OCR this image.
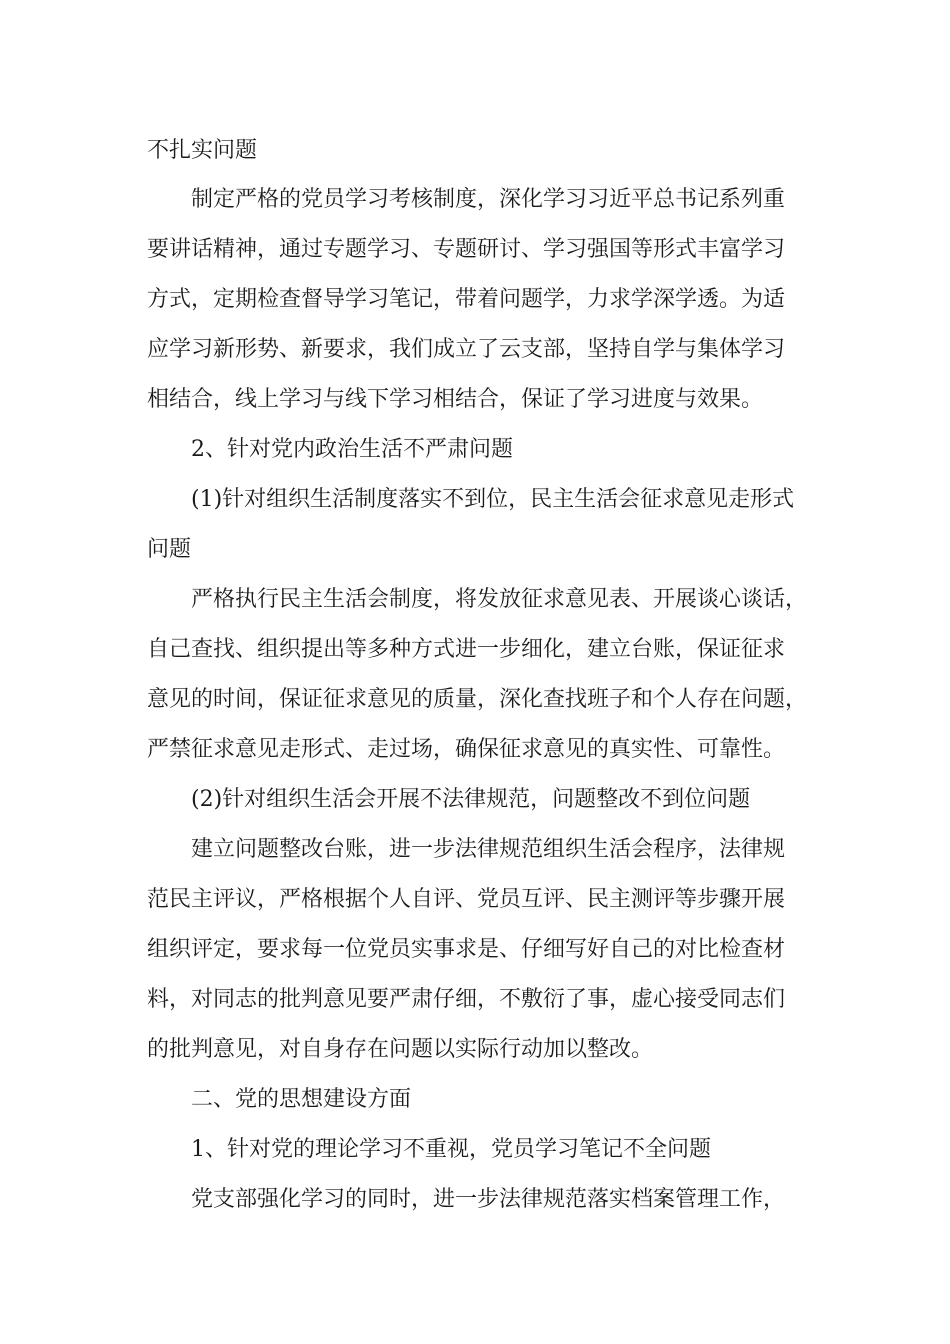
不扎实问题
制定严格的党员学习考核制度，深化学习习近平总书记系列重
要讲话精神，通过专题学习、专题研讨、学习强国等形式丰富学习
方式，定期检查督导学习笔记，带着问题学，力求学深学透。为适
应学习新形势、新要求，我们成立了云支部，坚持自学与集体学习
相结合，线上学习与线下学习相结合，保证了学习进度与效果。
2、针对党内政治生活不严肃问题
(1)针对组织生活制度落实不到位，民主生活会征求意见走形式
问题
严格执行民主生活会制度，将发放征求意见表、开展谈心谈话，
自己查找、组织提出等多种方式进一步细化，建立台账，保证征求
意见的时间，保证征求意见的质量，深化查找班子和个人存在问题，
严禁征求意见走形式、走过场，确保征求意见的真实性、可靠性。
(2)针对组织生活会开展不法律规范，问题整改不到位问题
建立问题整改台账，进一步法律规范组织生活会程序，法律规
范民主评议，严格根据个人自评、党员互评、民主测评等步骤开展
组织评定，要求每一位党员实事求是、仔细写好自己的对比检查材
料，对同志的批判意见要严肃仔细，不敷衍了事，虚心接受同志们
的批判意见，对自身存在问题以实际行动加以整改。
二、党的思想建设方面
1、针对党的理论学习不重视，党员学习笔记不全问题
党支部强化学习的同时，进一步法律规范落实档案管理工作，
